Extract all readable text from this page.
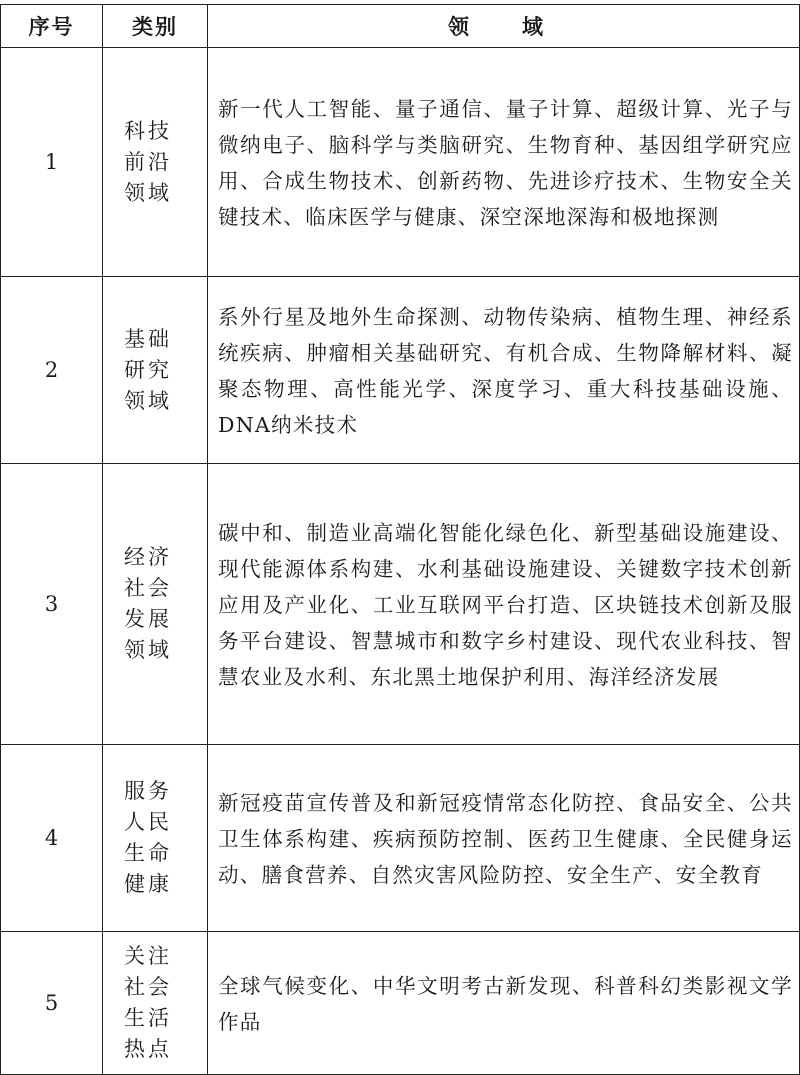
序号	类别	领　域
1	科技前沿领域	新一代人工智能、量子通信、量子计算、超级计算、光子与微纳电子、脑科学与类脑研究、生物育种、基因组学研究应用、合成生物技术、创新药物、先进诊疗技术、生物安全关键技术、临床医学与健康、深空深地深海和极地探测
2	基础研究领域	系外行星及地外生命探测、动物传染病、植物生理、神经系统疾病、肿瘤相关基础研究、有机合成、生物降解材料、凝聚态物理、高性能光学、深度学习、重大科技基础设施、DNA纳米技术
3	经济社会发展领域	碳中和、制造业高端化智能化绿色化、新型基础设施建设、现代能源体系构建、水利基础设施建设、关键数字技术创新应用及产业化、工业互联网平台打造、区块链技术创新及服务平台建设、智慧城市和数字乡村建设、现代农业科技、智慧农业及水利、东北黑土地保护利用、海洋经济发展
4	服务人民生命健康	新冠疫苗宣传普及和新冠疫情常态化防控、食品安全、公共卫生体系构建、疾病预防控制、医药卫生健康、全民健身运动、膳食营养、自然灾害风险防控、安全生产、安全教育
5	关注社会生活热点	全球气候变化、中华文明考古新发现、科普科幻类影视文学作品
